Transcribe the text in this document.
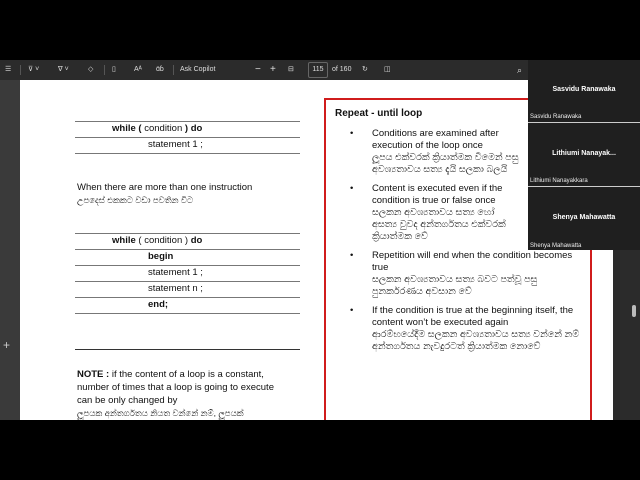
☰ ⊽ ˅	∇ ˅	◇	▯	Aᴬ ɑ̈ɓ Ask Copilot	− + ⊟	115	of 160 ↻ ◫	⌕
+
while ( condition ) do
statement 1 ;
When there are more than one instruction
උපදෙස් එකකට වඩා පවතින විට
while ( condition ) do
begin
statement 1 ;
statement n ;
end;
NOTE : if the content of a loop is a constant, number of times that a loop is going to execute can be only changed by
ලූපයක අන්තර්ගතය නියත වන්නේ නම්, ලූපයක්
Repeat - until loop
• Conditions are examined after execution of the loop once
ලූපය එක්වරක් ක්‍රියාත්මක වීමෙන් පසු අවශ්‍යතාවය සත්‍ය දැයි සලකා බලයි
• Content is executed even if the condition is true or false once
සලකන අවශ්‍යතාවය සත්‍ය හෝ අසත්‍ය වුවද අන්තර්ගතය එක්වරක් ක්‍රියාත්මක වේ
• Repetition will end when the condition becomes true
සලකන අවශ්‍යතාවය සත්‍ය බවට පත්වූ පසු පුනර්කරණය අවසාන වේ
• If the condition is true at the beginning itself, the content won’t be executed again
ආරම්භයේදීම සලකන අවශ්‍යතාවය සත්‍ය වන්නේ නම් අන්තර්ගතය නැවදුරටත් ක්‍රියාත්මක නොවේ
Sasvidu Ranawaka
Sasvidu Ranawaka
Lithiumi Nanayak...
Lithiumi Nanayakkara
Shenya Mahawatta
Shenya Mahawatta
